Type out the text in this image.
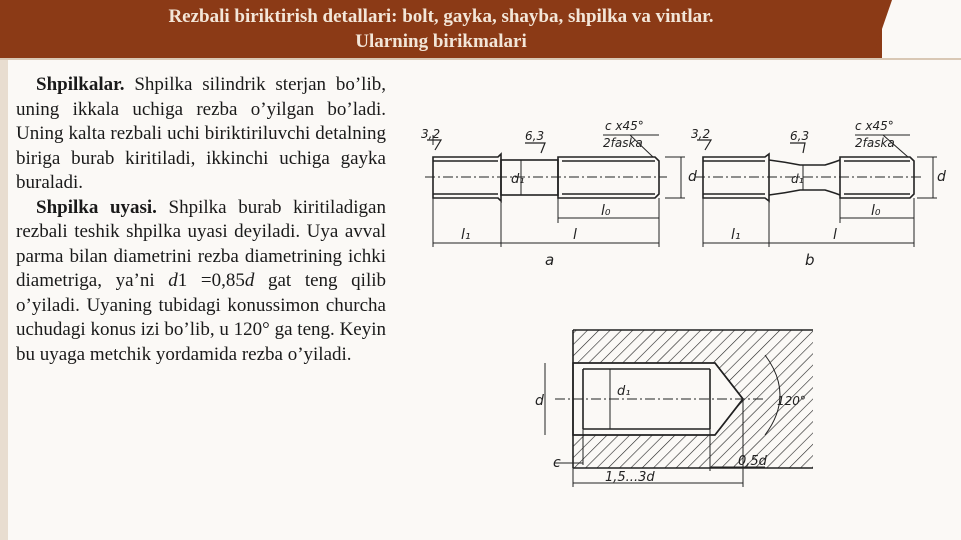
Rezbali biriktirish detallari: bolt, gayka, shayba, shpilka va vintlar.
Ularning birikmalari

Shpilkalar. Shpilka silindrik sterjan bo’lib, uning ikkala uchiga rezba o’yilgan bo’ladi. Uning kalta rezbali uchi biriktiriluvchi detalning biriga burab kiritiladi, ikkinchi uchiga gayka buraladi.

Shpilka uyasi. Shpilka burab kiritiladigan rezbali teshik shpilka uyasi deyiladi. Uya avval parma bilan diametrini rezba diametrining ichki diametriga, ya’ni d1 =0,85d gat teng qilib o’yiladi. Uyaning tubidagi konussimon churcha uchudagi konus izi bo’lib, u 120° ga teng. Keyin bu uyaga metchik yordamida rezba o’yiladi.

3,2	6,3
c x45°
2faska
d
d₁
l₀
l₁	l
a
3,2	6,3
c x45°
2faska
d
d₁
l₀
l₁	l
b
d
d₁
120°
c	0,5d
1,5...3d
